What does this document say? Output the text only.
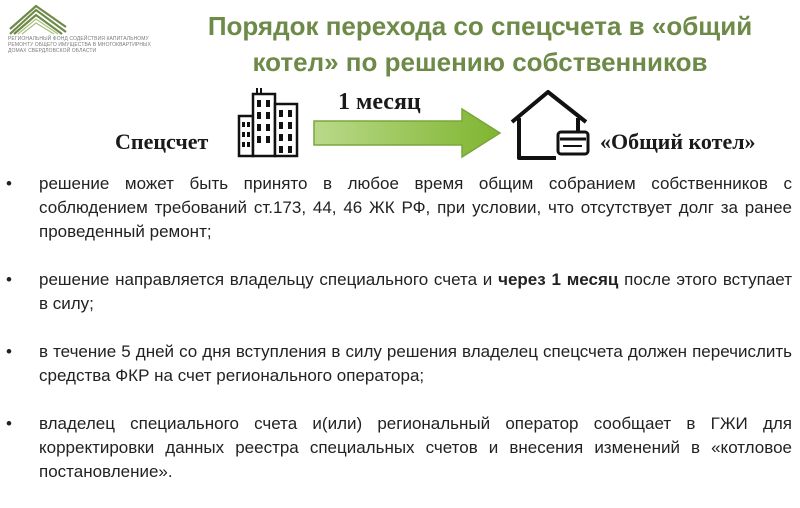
РЕГИОНАЛЬНЫЙ ФОНД СОДЕЙСТВИЯ КАПИТАЛЬНОМУ РЕМОНТУ ОБЩЕГО ИМУЩЕСТВА В МНОГОКВАРТИРНЫХ ДОМАХ СВЕРДЛОВСКОЙ ОБЛАСТИ
Порядок перехода со спецсчета в «общий
котел» по решению собственников
Спецсчет
1 месяц
«Общий котел»
• решение может быть принято в любое время общим собранием собственников с соблюдением требований ст.173, 44, 46 ЖК РФ, при условии, что отсутствует долг за ранее проведенный ремонт;
• решение направляется владельцу специального счета и через 1 месяц после этого вступает в силу;
• в течение 5 дней со дня вступления в силу решения владелец спецсчета должен перечислить средства ФКР на счет регионального оператора;
• владелец специального счета и(или) региональный оператор сообщает в ГЖИ для корректировки данных реестра специальных счетов и внесения изменений в «котловое постановление».
